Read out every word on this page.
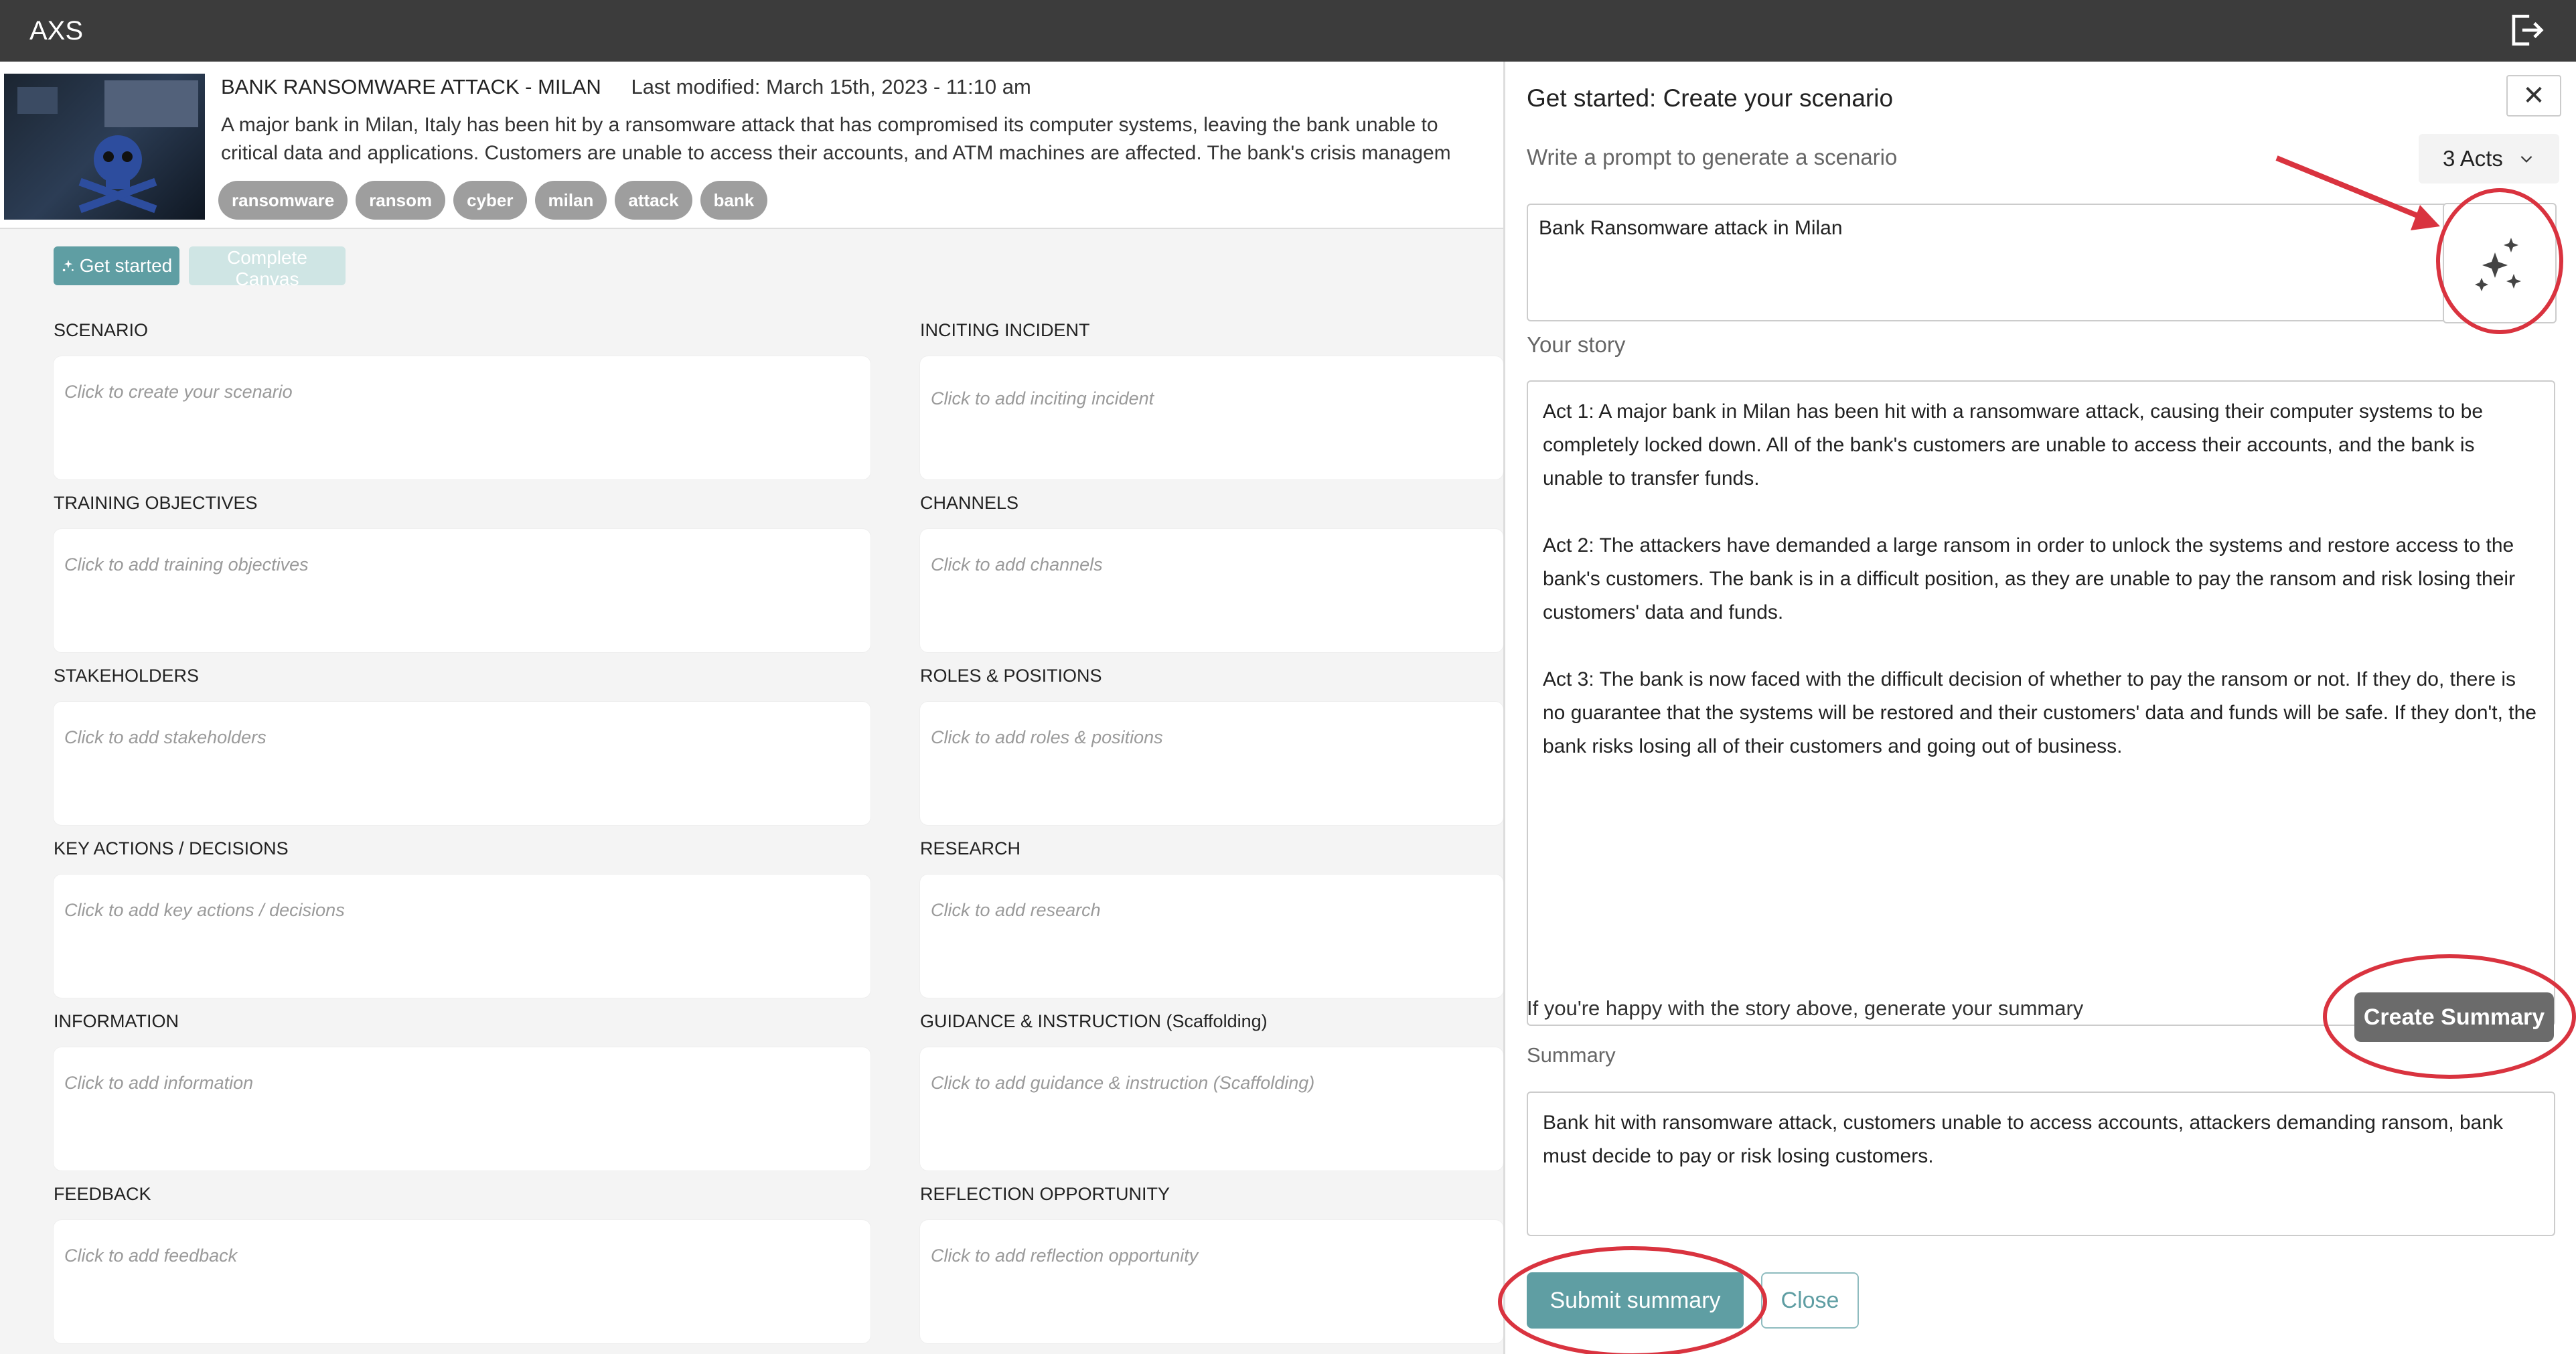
AXS
BANK RANSOMWARE ATTACK - MILAN Last modified: March 15th, 2023 - 11:10 am
A major bank in Milan, Italy has been hit by a ransomware attack that has compromised its computer systems, leaving the bank unable to
critical data and applications. Customers are unable to access their accounts, and ATM machines are affected. The bank's crisis managem
ransomware	ransom	cyber	milan	attack	bank
Get started	Complete Canvas
SCENARIO
Click to create your scenario
INCITING INCIDENT
Click to add inciting incident
TRAINING OBJECTIVES
Click to add training objectives
CHANNELS
Click to add channels
STAKEHOLDERS
Click to add stakeholders
ROLES & POSITIONS
Click to add roles & positions
KEY ACTIONS / DECISIONS
Click to add key actions / decisions
RESEARCH
Click to add research
INFORMATION
Click to add information
GUIDANCE & INSTRUCTION (Scaffolding)
Click to add guidance & instruction (Scaffolding)
FEEDBACK
Click to add feedback
REFLECTION OPPORTUNITY
Click to add reflection opportunity
Get started: Create your scenario	✕
Write a prompt to generate a scenario	3 Acts
Bank Ransomware attack in Milan
Your story

Act 1: A major bank in Milan has been hit with a ransomware attack, causing their computer systems to be completely locked down. All of the bank's customers are unable to access their accounts, and the bank is unable to transfer funds.

Act 2: The attackers have demanded a large ransom in order to unlock the systems and restore access to the bank's customers. The bank is in a difficult position, as they are unable to pay the ransom and risk losing their customers' data and funds.

Act 3: The bank is now faced with the difficult decision of whether to pay the ransom or not. If they do, there is no guarantee that the systems will be restored and their customers' data and funds will be safe. If they don't, the bank risks losing all of their customers and going out of business.

If you're happy with the story above, generate your summary	Create Summary
Summary
Bank hit with ransomware attack, customers unable to access accounts, attackers demanding ransom, bank must decide to pay or risk losing customers.
Submit summary	Close
